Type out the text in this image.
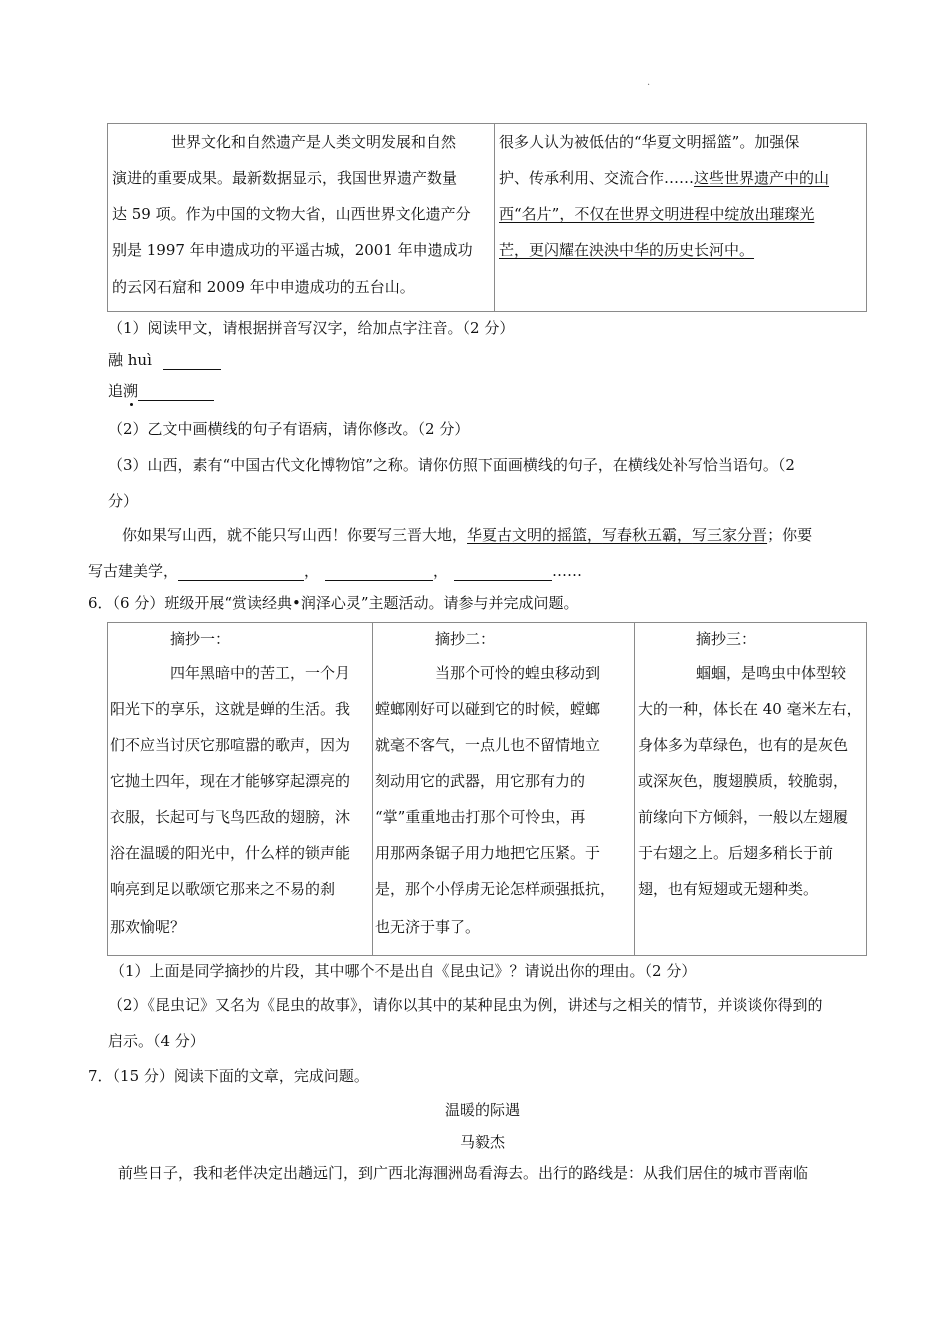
·
世界文化和自然遗产是人类文明发展和自然
演进的重要成果。最新数据显示，我国世界遗产数量
达 59 项。作为中国的文物大省，山西世界文化遗产分
别是 1997 年申遗成功的平遥古城，2001 年申遗成功
的云冈石窟和 2009 年中申遗成功的五台山。
很多人认为被低估的“华夏文明摇篮”。加强保
护、传承利用、交流合作……这些世界遗产中的山
西“名片”，不仅在世界文明进程中绽放出璀璨光
芒，更闪耀在泱泱中华的历史长河中。
（1）阅读甲文，请根据拼音写汉字，给加点字注音。（2 分）
融 huì
追溯
（2）乙文中画横线的句子有语病，请你修改。（2 分）
（3）山西，素有“中国古代文化博物馆”之称。请你仿照下面画横线的句子，在横线处补写恰当语句。（2
分）
你如果写山西，就不能只写山西！你要写三晋大地，华夏古文明的摇篮，写春秋五霸，写三家分晋；你要
写古建美学，	，	，	……
6．（6 分）班级开展“赏读经典•润泽心灵”主题活动。请参与并完成问题。
摘抄一：
四年黑暗中的苦工，一个月
阳光下的享乐，这就是蝉的生活。我
们不应当讨厌它那喧嚣的歌声，因为
它抛土四年，现在才能够穿起漂亮的
衣服，长起可与飞鸟匹敌的翅膀，沐
浴在温暖的阳光中，什么样的锁声能
响亮到足以歌颂它那来之不易的刹
那欢愉呢？
摘抄二：
当那个可怜的蝗虫移动到
螳螂刚好可以碰到它的时候，螳螂
就毫不客气，一点儿也不留情地立
刻动用它的武器，用它那有力的
“掌”重重地击打那个可怜虫，再
用那两条锯子用力地把它压紧。于
是，那个小俘虏无论怎样顽强抵抗，
也无济于事了。
摘抄三：
蝈蝈，是鸣虫中体型较
大的一种，体长在 40 毫米左右，
身体多为草绿色，也有的是灰色
或深灰色，腹翅膜质，较脆弱，
前缘向下方倾斜，一般以左翅履
于右翅之上。后翅多稍长于前
翅，也有短翅或无翅种类。
（1）上面是同学摘抄的片段，其中哪个不是出自《昆虫记》？请说出你的理由。（2 分）
（2）《昆虫记》又名为《昆虫的故事》，请你以其中的某种昆虫为例，讲述与之相关的情节，并谈谈你得到的
启示。（4 分）
7．（15 分）阅读下面的文章，完成问题。
温暖的际遇
马毅杰
前些日子，我和老伴决定出趟远门，到广西北海涠洲岛看海去。出行的路线是：从我们居住的城市晋南临
